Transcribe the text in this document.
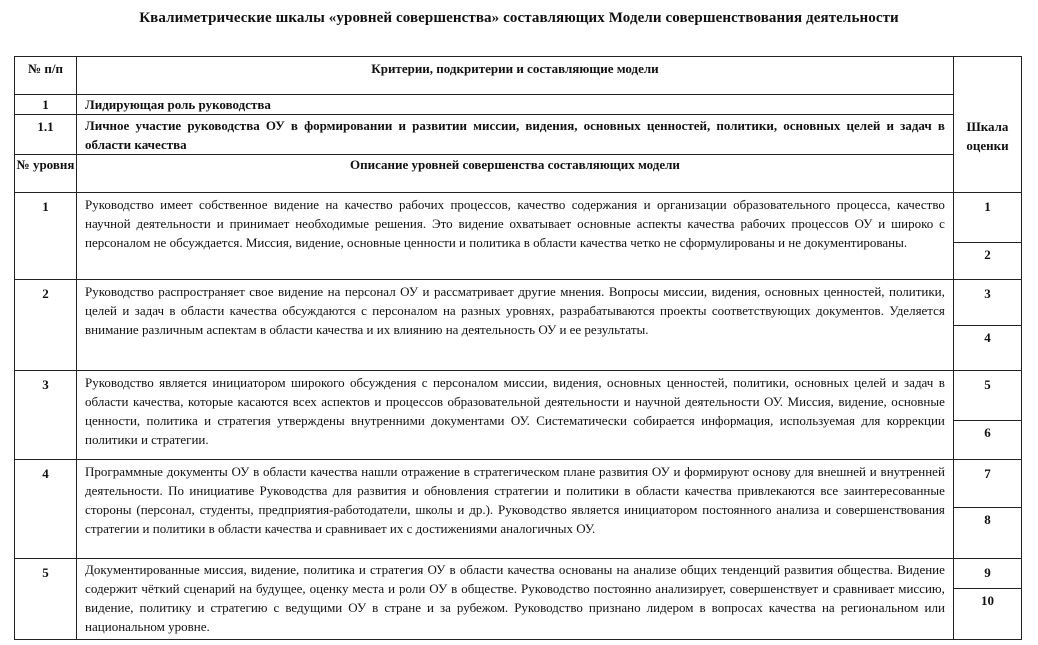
Квалиметрические шкалы «уровней совершенства» составляющих Модели совершенствования деятельности
№ п/п	Критерии, подкритерии и составляющие модели	Шкала оценки

1	Лидирующая роль руководства	
1.1	Личное участие руководства ОУ в формировании и развитии миссии, видения, основных ценностей, политики, основных целей и задач в области качества	
№ уровня	Описание уровней совершенства составляющих модели	
1	Руководство имеет собственное видение на качество рабочих процессов, качество содержания и организации образовательного процесса, качество научной деятельности и принимает необходимые решения. Это видение охватывает основные аспекты качества рабочих процессов ОУ и широко с персоналом не обсуждается. Миссия, видение, основные ценности и политика в области качества четко не сформулированы и не документированы.	1
2

2	Руководство распространяет свое видение на персонал ОУ и рассматривает другие мнения. Вопросы миссии, видения, основных ценностей, политики, целей и задач в области качества обсуждаются с персоналом на разных уровнях, разрабатываются проекты соответствующих документов. Уделяется внимание различным аспектам в области качества и их влиянию на деятельность ОУ и ее результаты.	3
4

3	Руководство является инициатором широкого обсуждения с персоналом миссии, видения, основных ценностей, политики, основных целей и задач в области качества, которые касаются всех аспектов и процессов образовательной деятельности и научной деятельности ОУ. Миссия, видение, основные ценности, политика и стратегия утверждены внутренними документами ОУ. Систематически собирается информация, используемая для коррекции политики и стратегии.	5
6

4	Программные документы ОУ в области качества нашли отражение в стратегическом плане развития ОУ и формируют основу для внешней и внутренней деятельности. По инициативе Руководства для развития и обновления стратегии и политики в области качества привлекаются все заинтересованные стороны (персонал, студенты, предприятия-работодатели, школы и др.). Руководство является инициатором постоянного анализа и совершенствования стратегии и политики в области качества и сравнивает их с достижениями аналогичных ОУ.	7
8

5	Документированные миссия, видение, политика и стратегия ОУ в области качества основаны на анализе общих тенденций развития общества. Видение содержит чёткий сценарий на будущее, оценку места и роли ОУ в обществе. Руководство постоянно анализирует, совершенствует и сравнивает миссию, видение, политику и стратегию с ведущими ОУ в стране и за рубежом. Руководство признано лидером в вопросах качества на региональном или национальном уровне.	9
10
